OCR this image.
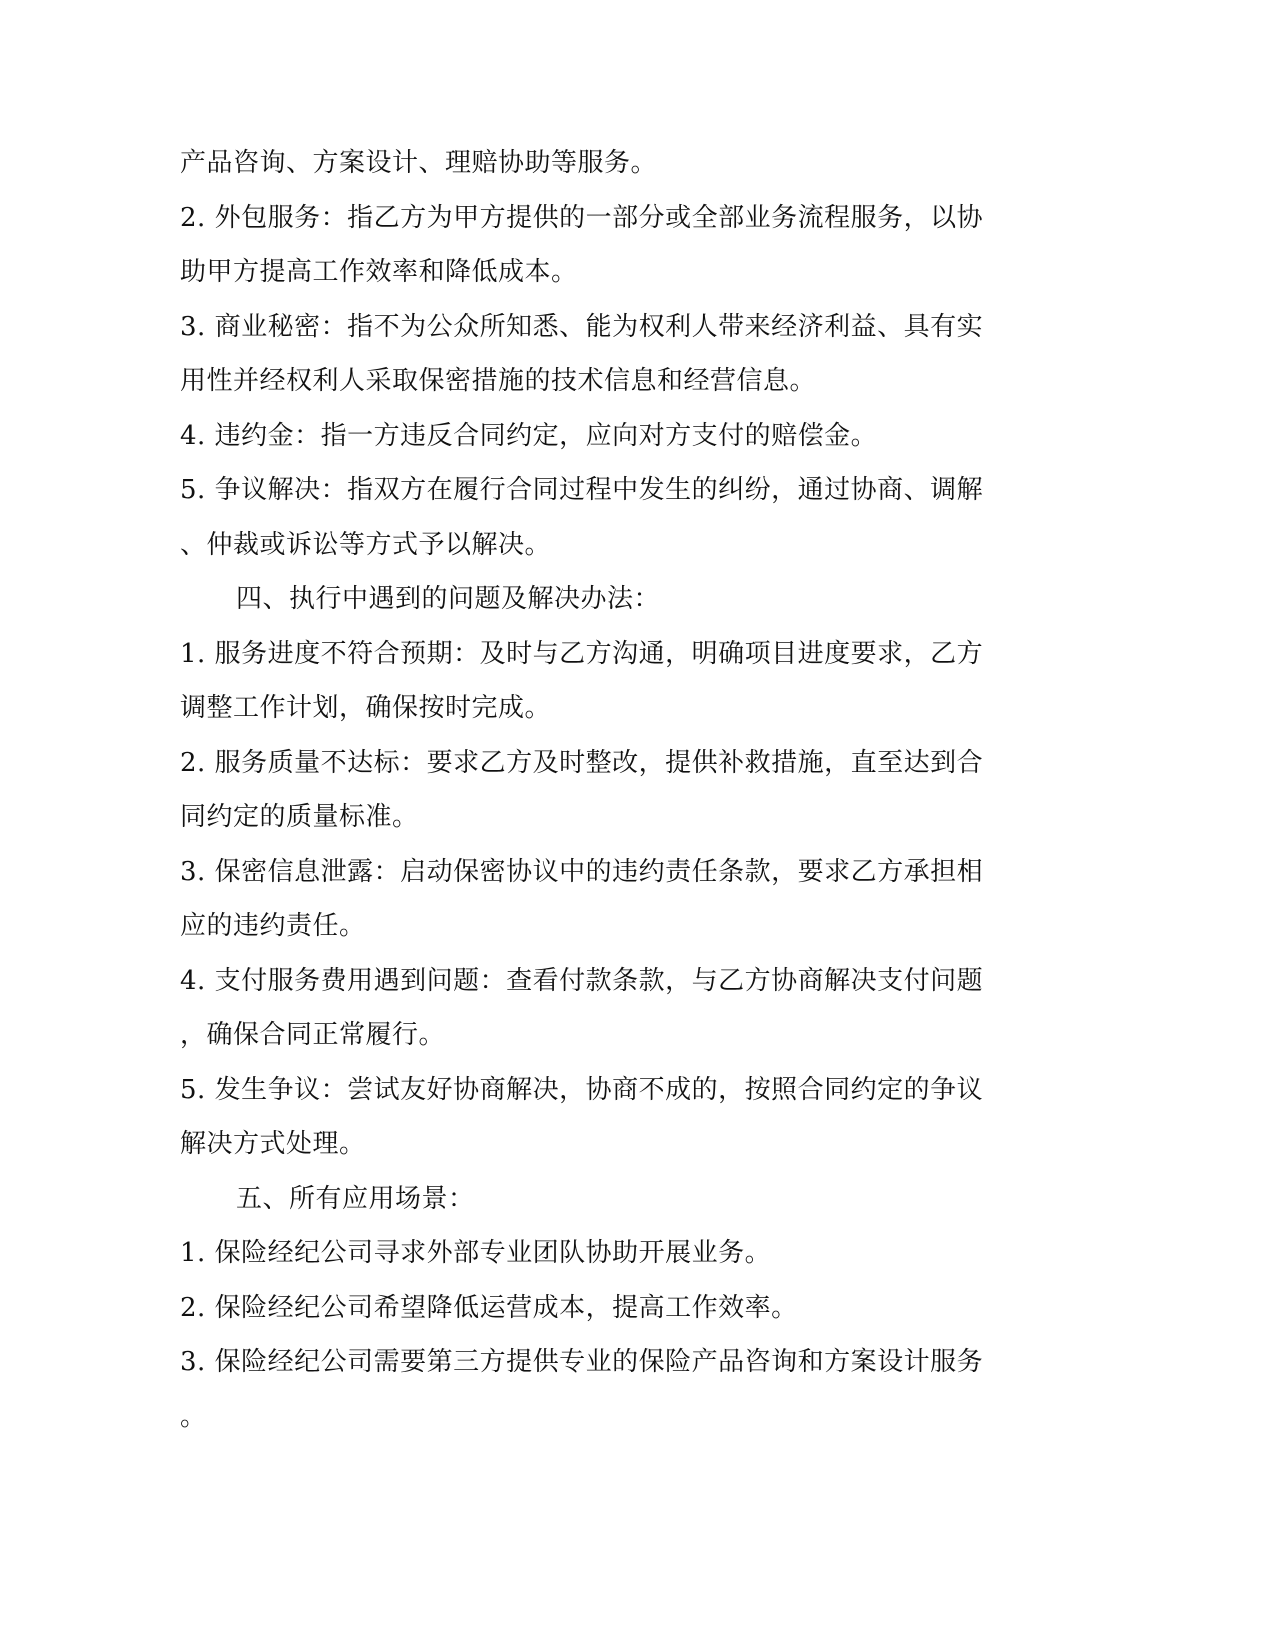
产品咨询、方案设计、理赔协助等服务。
2. 外包服务：指乙方为甲方提供的一部分或全部业务流程服务，以协
助甲方提高工作效率和降低成本。
3. 商业秘密：指不为公众所知悉、能为权利人带来经济利益、具有实
用性并经权利人采取保密措施的技术信息和经营信息。
4. 违约金：指一方违反合同约定，应向对方支付的赔偿金。
5. 争议解决：指双方在履行合同过程中发生的纠纷，通过协商、调解
、仲裁或诉讼等方式予以解决。
四、执行中遇到的问题及解决办法：
1. 服务进度不符合预期：及时与乙方沟通，明确项目进度要求，乙方
调整工作计划，确保按时完成。
2. 服务质量不达标：要求乙方及时整改，提供补救措施，直至达到合
同约定的质量标准。
3. 保密信息泄露：启动保密协议中的违约责任条款，要求乙方承担相
应的违约责任。
4. 支付服务费用遇到问题：查看付款条款，与乙方协商解决支付问题
，确保合同正常履行。
5. 发生争议：尝试友好协商解决，协商不成的，按照合同约定的争议
解决方式处理。
五、所有应用场景：
1. 保险经纪公司寻求外部专业团队协助开展业务。
2. 保险经纪公司希望降低运营成本，提高工作效率。
3. 保险经纪公司需要第三方提供专业的保险产品咨询和方案设计服务
。
